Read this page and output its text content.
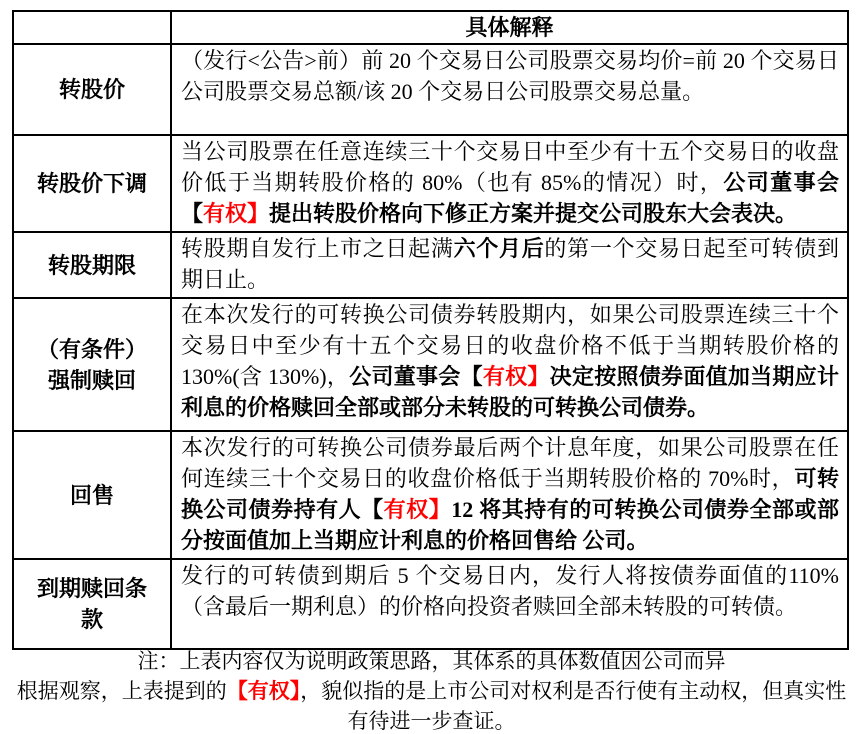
	具体解释
转股价	（发行<公告>前）前 20 个交易日公司股票交易均价=前 20 个交易日公司股票交易总额/该 20 个交易日公司股票交易总量。
转股价下调	当公司股票在任意连续三十个交易日中至少有十五个交易日的收盘价低于当期转股价格的 80%（也有 85%的情况）时，公司董事会【有权】提出转股价格向下修正方案并提交公司股东大会表决。
转股期限	转股期自发行上市之日起满六个月后的第一个交易日起至可转债到期日止。
（有条件）强制赎回	在本次发行的可转换公司债券转股期内，如果公司股票连续三十个交易日中至少有十五个交易日的收盘价格不低于当期转股价格的 130%(含 130%)，公司董事会【有权】决定按照债券面值加当期应计利息的价格赎回全部或部分未转股的可转换公司债券。
回售	本次发行的可转换公司债券最后两个计息年度，如果公司股票在任何连续三十个交易日的收盘价格低于当期转股价格的 70%时，可转换公司债券持有人【有权】12 将其持有的可转换公司债券全部或部分按面值加上当期应计利息的价格回售给 公司。
到期赎回条款	发行的可转债到期后 5 个交易日内，发行人将按债券面值的110%（含最后一期利息）的价格向投资者赎回全部未转股的可转债。
注：上表内容仅为说明政策思路，其体系的具体数值因公司而异
根据观察，上表提到的【有权】，貌似指的是上市公司对权利是否行使有主动权，但真实性
有待进一步查证。
